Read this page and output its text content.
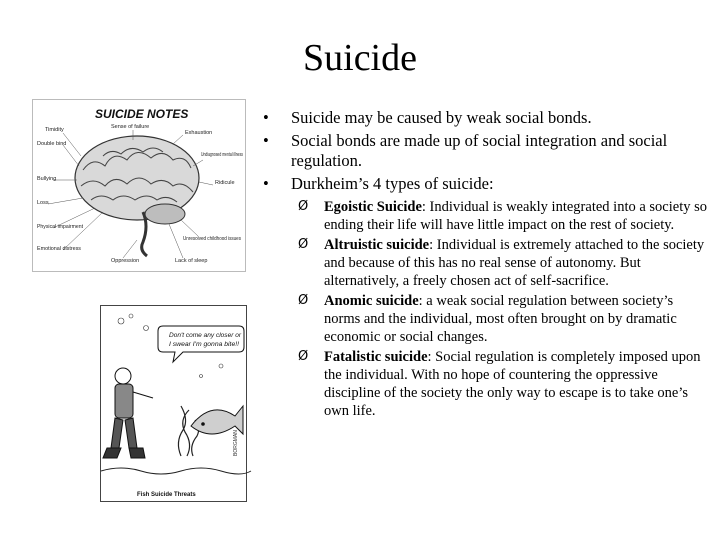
Suicide
SUICIDE NOTES
Sense of failure
Exhaustion
Timidity
Double bind
Undiagnosed mental illness
Bullying
Ridicule
Loss
Physical impairment
Unresolved childhood issues
Emotional distress
Oppression	Lack of sleep
Don't come any closer or
I swear I'm gonna bite!!
BORGMAN
Fish Suicide Threats
• Suicide may be caused by weak social bonds.
• Social bonds are made up of social integration and social regulation.
• Durkheim’s 4 types of suicide:
Ø Egoistic Suicide: Individual is weakly integrated into a society so ending their life will have little impact on the rest of society.
Ø Altruistic suicide: Individual is extremely attached to the society and because of this has no real sense of autonomy. But alternatively, a freely chosen act of self-sacrifice.
Ø Anomic suicide: a weak social regulation between society’s norms and the individual, most often brought on by dramatic economic or social changes.
Ø Fatalistic suicide: Social regulation is completely imposed upon the individual. With no hope of countering the oppressive discipline of the society the only way to escape is to take one’s own life.
